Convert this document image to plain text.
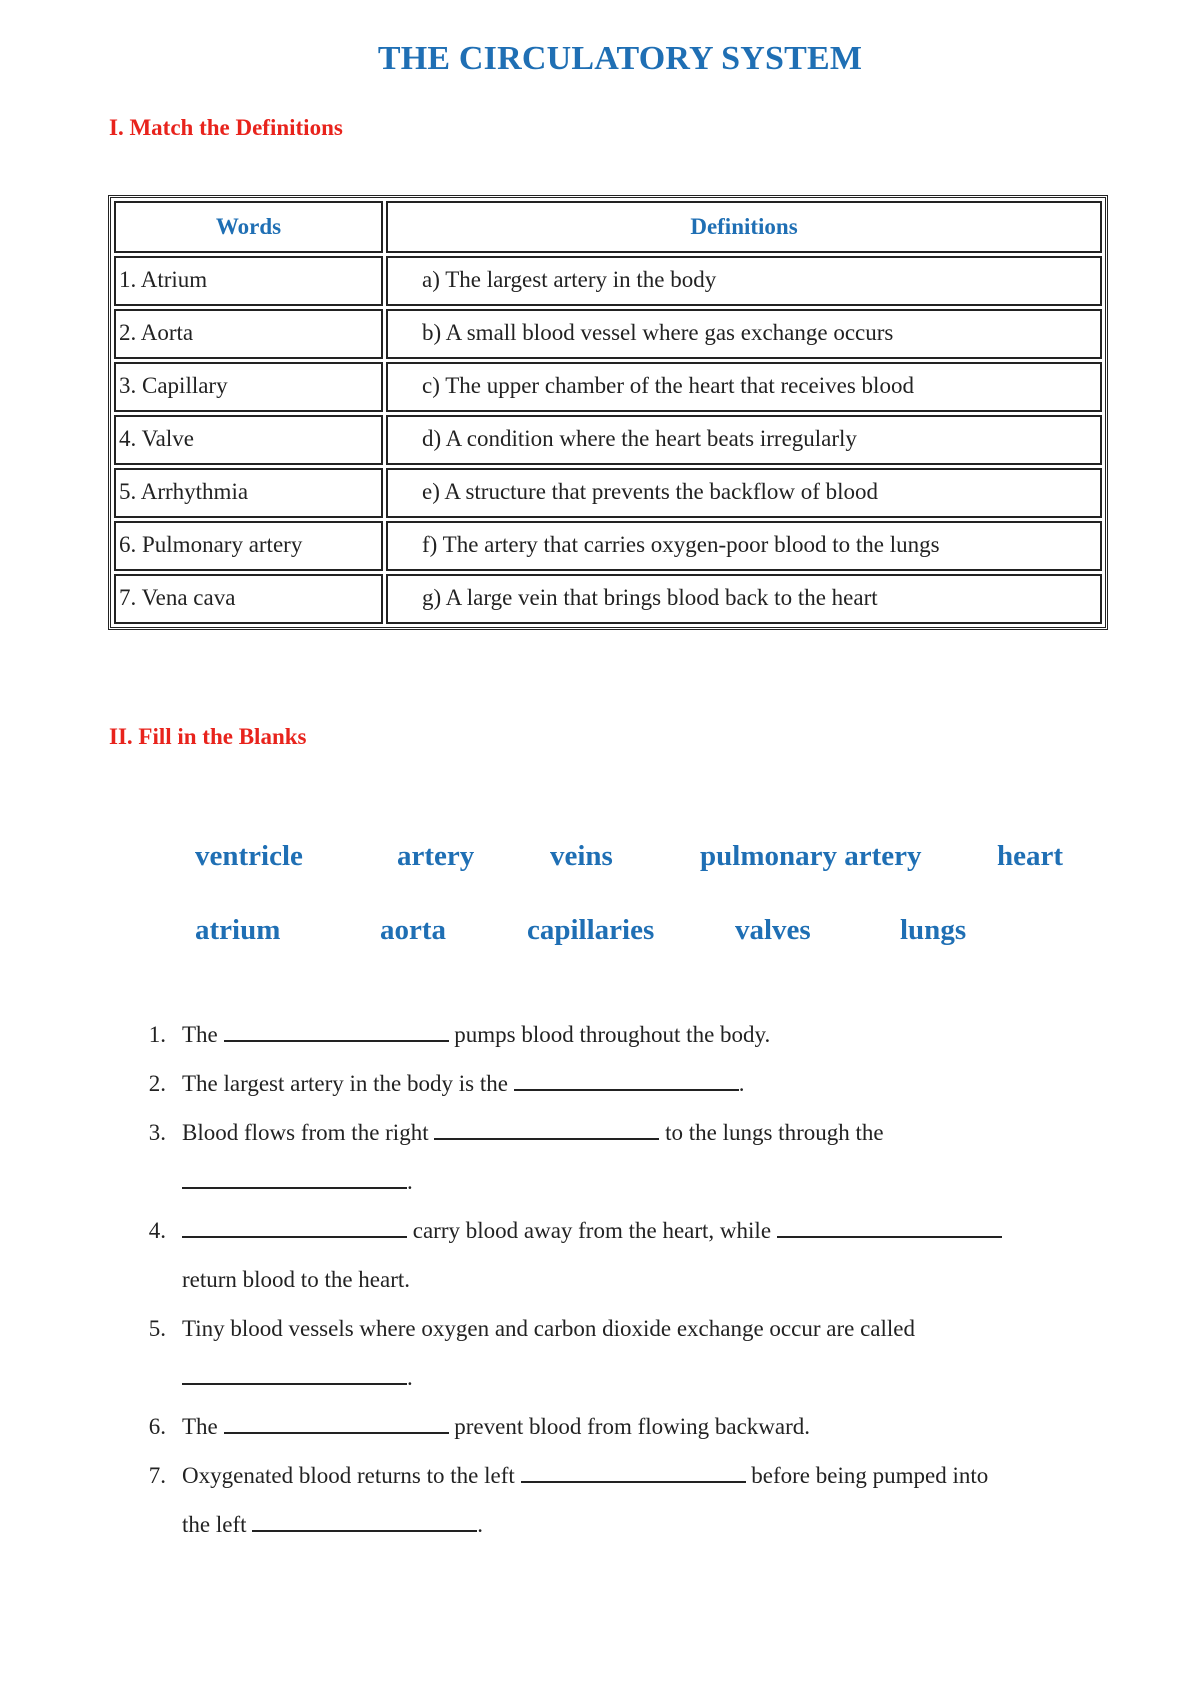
THE CIRCULATORY SYSTEM
I. Match the Definitions
Words	Definitions
1. Atrium	a) The largest artery in the body
2. Aorta	b) A small blood vessel where gas exchange occurs
3. Capillary	c) The upper chamber of the heart that receives blood
4. Valve	d) A condition where the heart beats irregularly
5. Arrhythmia	e) A structure that prevents the backflow of blood
6. Pulmonary artery	f) The artery that carries oxygen-poor blood to the lungs
7. Vena cava	g) A large vein that brings blood back to the heart
II. Fill in the Blanks
ventricle	artery	veins	pulmonary artery	heart
atrium	aorta	capillaries	valves	lungs
1. The	pumps blood throughout the body.
2. The largest artery in the body is the	.
3. Blood flows from the right	to the lungs through the
.
4.	carry blood away from the heart, while
return blood to the heart.
5. Tiny blood vessels where oxygen and carbon dioxide exchange occur are called
.
6. The	prevent blood from flowing backward.
7. Oxygenated blood returns to the left	before being pumped into
the left	.
